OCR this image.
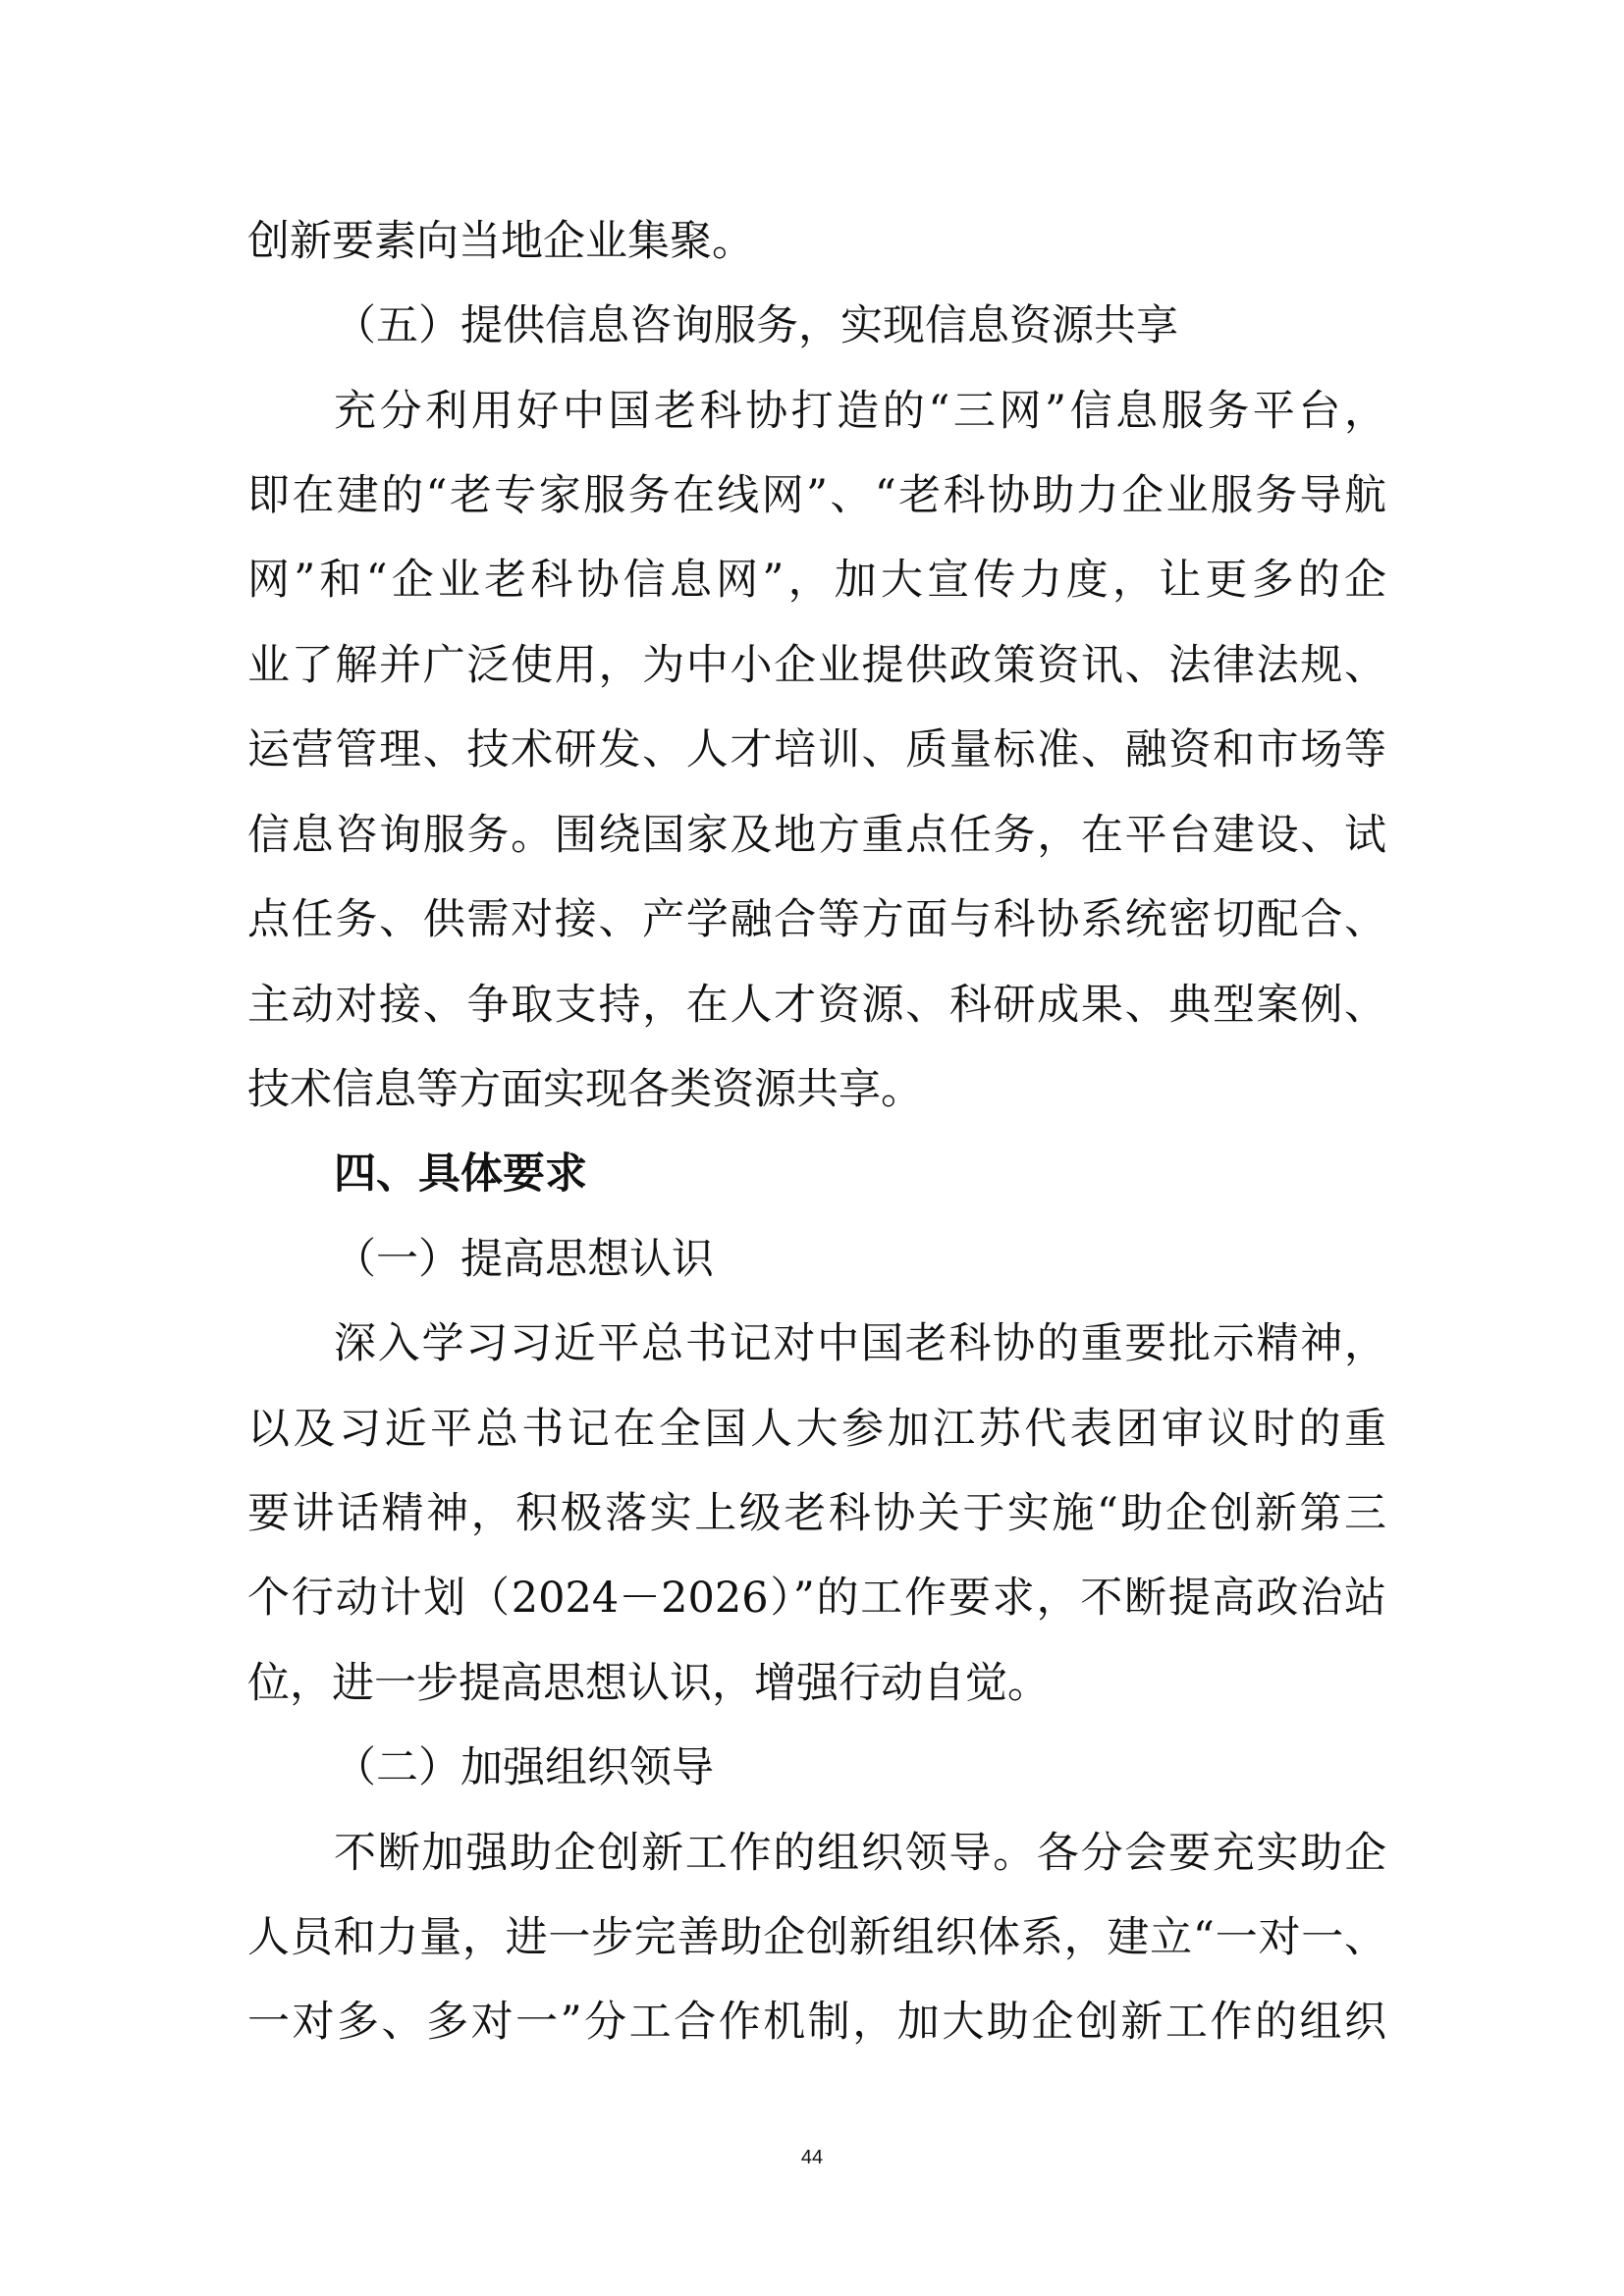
创新要素向当地企业集聚。
（五）提供信息咨询服务，实现信息资源共享
充分利用好中国老科协打造的“三网”信息服务平台，
即在建的“老专家服务在线网”、“老科协助力企业服务导航
网”和“企业老科协信息网”，加大宣传力度，让更多的企
业了解并广泛使用，为中小企业提供政策资讯、法律法规、
运营管理、技术研发、人才培训、质量标准、融资和市场等
信息咨询服务。围绕国家及地方重点任务，在平台建设、试
点任务、供需对接、产学融合等方面与科协系统密切配合、
主动对接、争取支持，在人才资源、科研成果、典型案例、
技术信息等方面实现各类资源共享。
四、具体要求
（一）提高思想认识
深入学习习近平总书记对中国老科协的重要批示精神，
以及习近平总书记在全国人大参加江苏代表团审议时的重
要讲话精神，积极落实上级老科协关于实施“助企创新第三
个行动计划（2024－2026）”的工作要求，不断提高政治站
位，进一步提高思想认识，增强行动自觉。
（二）加强组织领导
不断加强助企创新工作的组织领导。各分会要充实助企
人员和力量，进一步完善助企创新组织体系，建立“一对一、
一对多、多对一”分工合作机制，加大助企创新工作的组织
44
